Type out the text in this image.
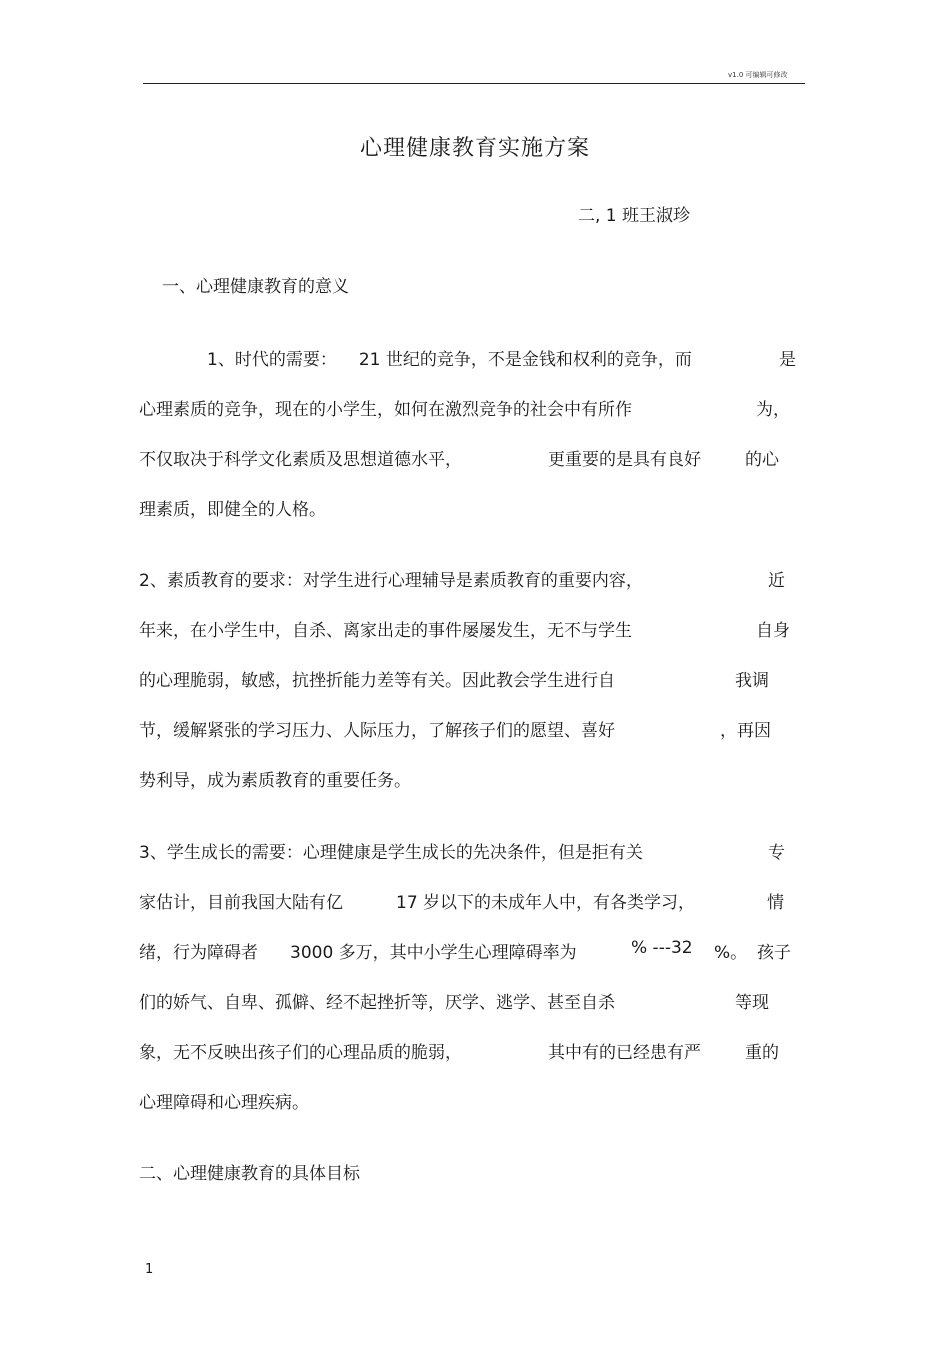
v1.0 可编辑可修改
心理健康教育实施方案
二, 1 班王淑珍
一、心理健康教育的意义
1、时代的需要： 21 世纪的竞争，不是金钱和权利的竞争，而	是
心理素质的竞争，现在的小学生，如何在激烈竞争的社会中有所作	为，
不仅取决于科学文化素质及思想道德水平，	更重要的是具有良好	的心
理素质，即健全的人格。
2、素质教育的要求：对学生进行心理辅导是素质教育的重要内容，	近
年来，在小学生中，自杀、离家出走的事件屡屡发生，无不与学生	自身
的心理脆弱，敏感，抗挫折能力差等有关。因此教会学生进行自	我调
节，缓解紧张的学习压力、人际压力，了解孩子们的愿望、喜好	，再因
势利导，成为素质教育的重要任务。
3、学生成长的需要：心理健康是学生成长的先决条件，但是拒有关	专
家估计，目前我国大陆有亿	17 岁以下的未成年人中，有各类学习，	情
绪，行为障碍者 3000 多万，其中小学生心理障碍率为	% ---32 %。 孩子
们的娇气、自卑、孤僻、经不起挫折等，厌学、逃学、甚至自杀	等现
象，无不反映出孩子们的心理品质的脆弱，	其中有的已经患有严	重的
心理障碍和心理疾病。
二、心理健康教育的具体目标
1
